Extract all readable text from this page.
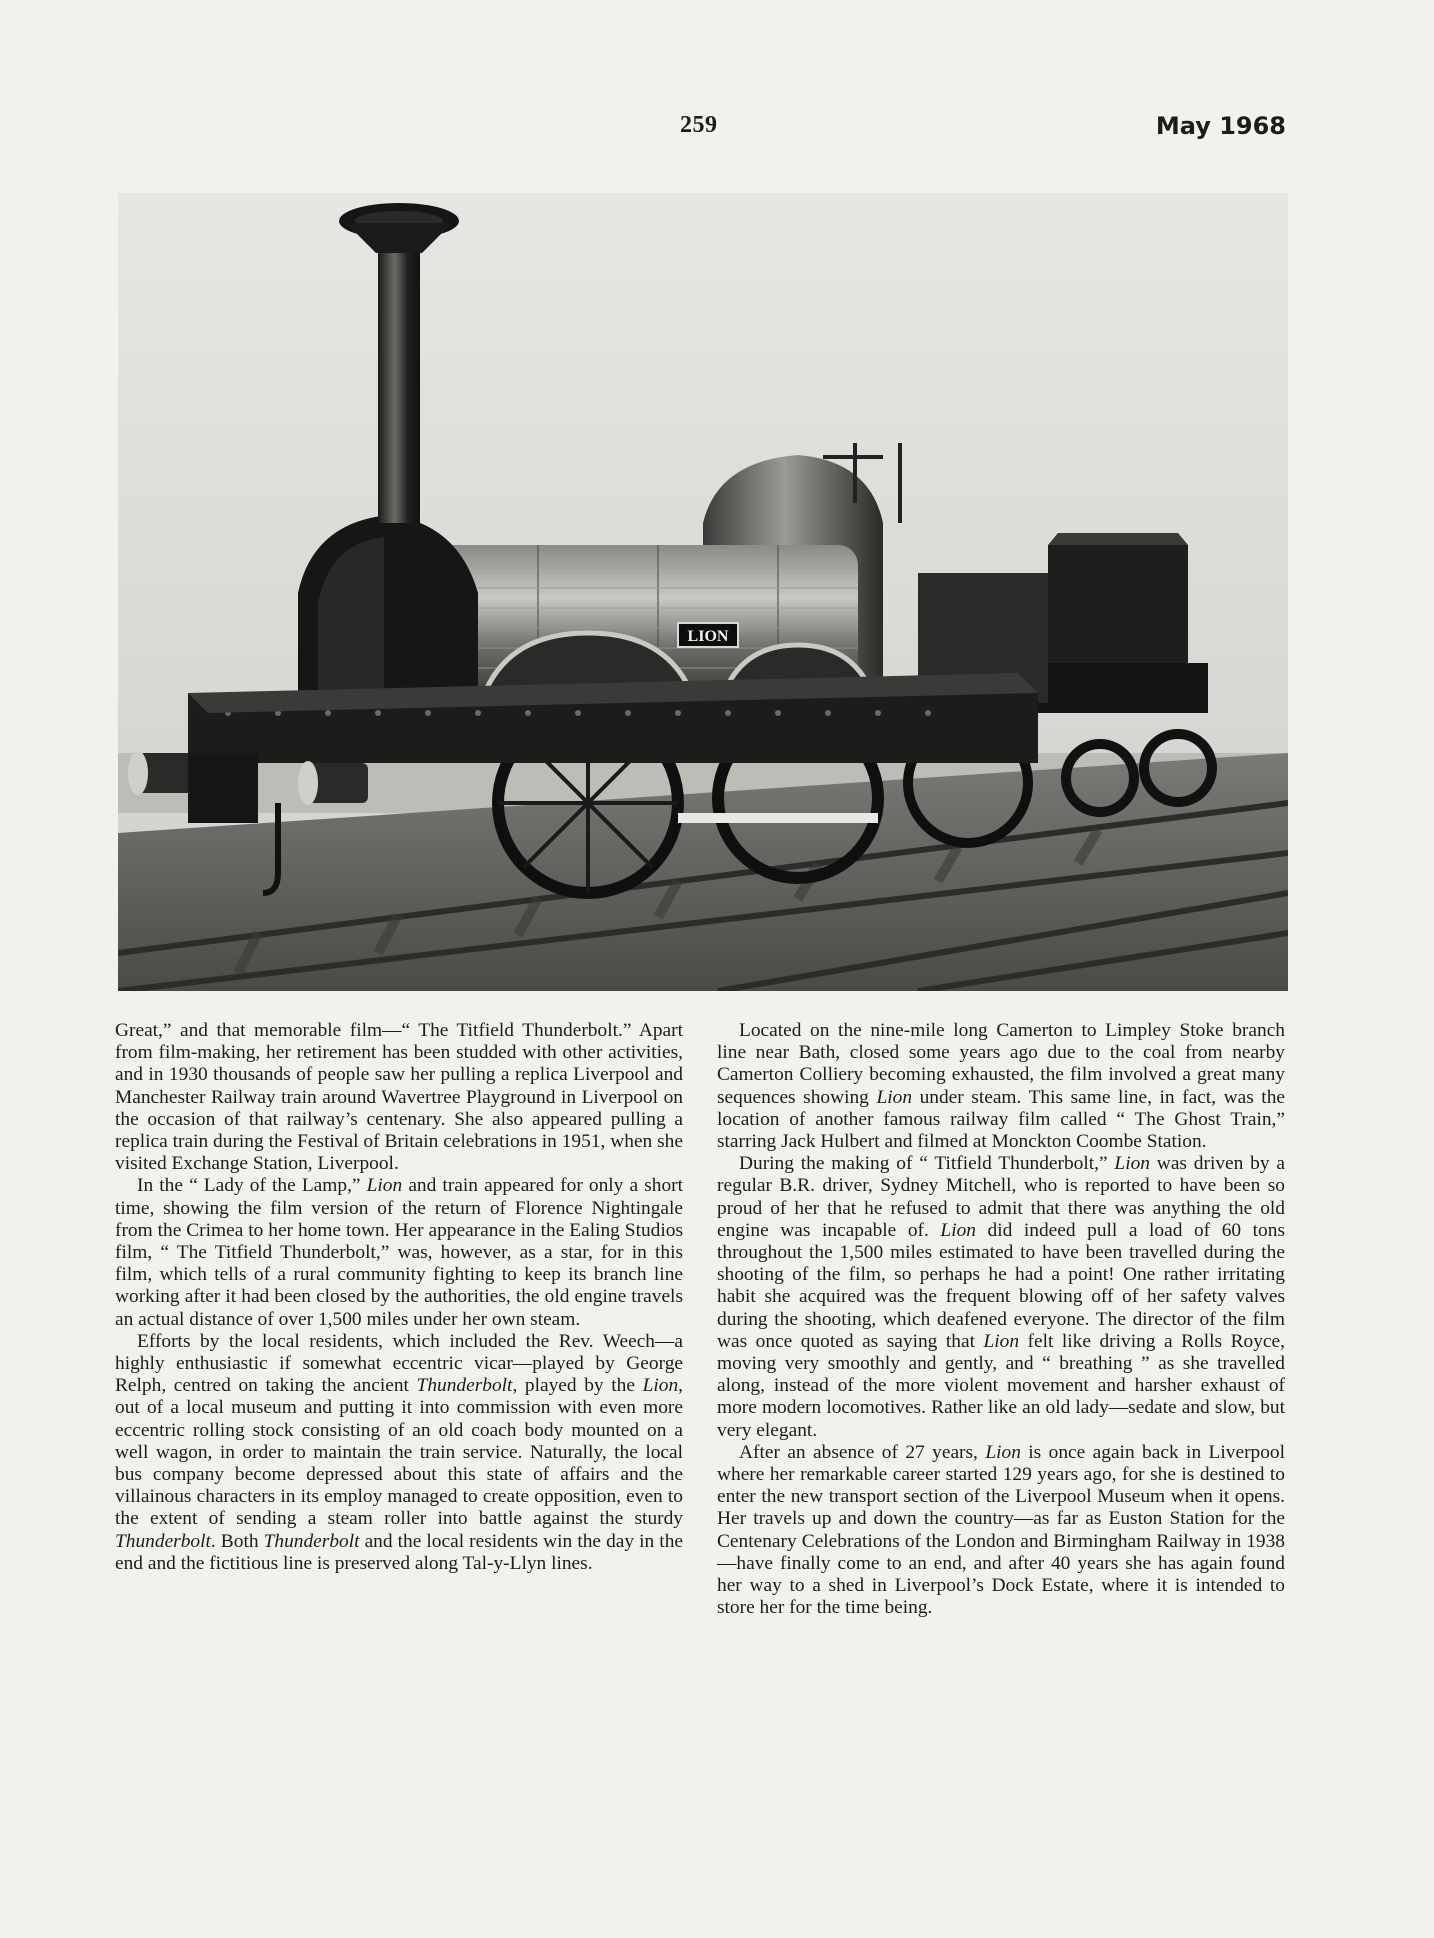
259	May 1968
LION

Great,” and that memorable film—“ The Titfield Thunderbolt.” Apart from film-making, her retirement has been studded with other activities, and in 1930 thousands of people saw her pulling a replica Liverpool and Manchester Railway train around Wavertree Playground in Liverpool on the occasion of that railway’s centenary. She also appeared pulling a replica train during the Festival of Britain celebrations in 1951, when she visited Exchange Station, Liverpool.

In the “ Lady of the Lamp,” Lion and train appeared for only a short time, showing the film version of the return of Florence Nightingale from the Crimea to her home town. Her appearance in the Ealing Studios film, “ The Titfield Thunderbolt,” was, however, as a star, for in this film, which tells of a rural community fighting to keep its branch line working after it had been closed by the authorities, the old engine travels an actual distance of over 1,500 miles under her own steam.

Efforts by the local residents, which included the Rev. Weech—a highly enthusiastic if somewhat eccentric vicar—played by George Relph, centred on taking the ancient Thunderbolt, played by the Lion, out of a local museum and putting it into commission with even more eccentric rolling stock consisting of an old coach body mounted on a well wagon, in order to maintain the train service. Naturally, the local bus company become depressed about this state of affairs and the villainous characters in its employ managed to create opposition, even to the extent of sending a steam roller into battle against the sturdy Thunderbolt. Both Thunderbolt and the local residents win the day in the end and the fictitious line is preserved along Tal-y-Llyn lines.

Located on the nine-mile long Camerton to Limpley Stoke branch line near Bath, closed some years ago due to the coal from nearby Camerton Colliery becoming exhausted, the film involved a great many sequences showing Lion under steam. This same line, in fact, was the location of another famous railway film called “ The Ghost Train,” starring Jack Hulbert and filmed at Monckton Coombe Station.

During the making of “ Titfield Thunderbolt,” Lion was driven by a regular B.R. driver, Sydney Mitchell, who is reported to have been so proud of her that he refused to admit that there was anything the old engine was incapable of. Lion did indeed pull a load of 60 tons throughout the 1,500 miles estimated to have been travelled during the shooting of the film, so perhaps he had a point! One rather irritating habit she acquired was the frequent blowing off of her safety valves during the shooting, which deafened everyone. The director of the film was once quoted as saying that Lion felt like driving a Rolls Royce, moving very smoothly and gently, and “ breathing ” as she travelled along, instead of the more violent movement and harsher exhaust of more modern locomotives. Rather like an old lady—sedate and slow, but very elegant.

After an absence of 27 years, Lion is once again back in Liverpool where her remarkable career started 129 years ago, for she is destined to enter the new transport section of the Liverpool Museum when it opens. Her travels up and down the country—as far as Euston Station for the Centenary Celebrations of the London and Birmingham Railway in 1938—have finally come to an end, and after 40 years she has again found her way to a shed in Liverpool’s Dock Estate, where it is intended to store her for the time being.
